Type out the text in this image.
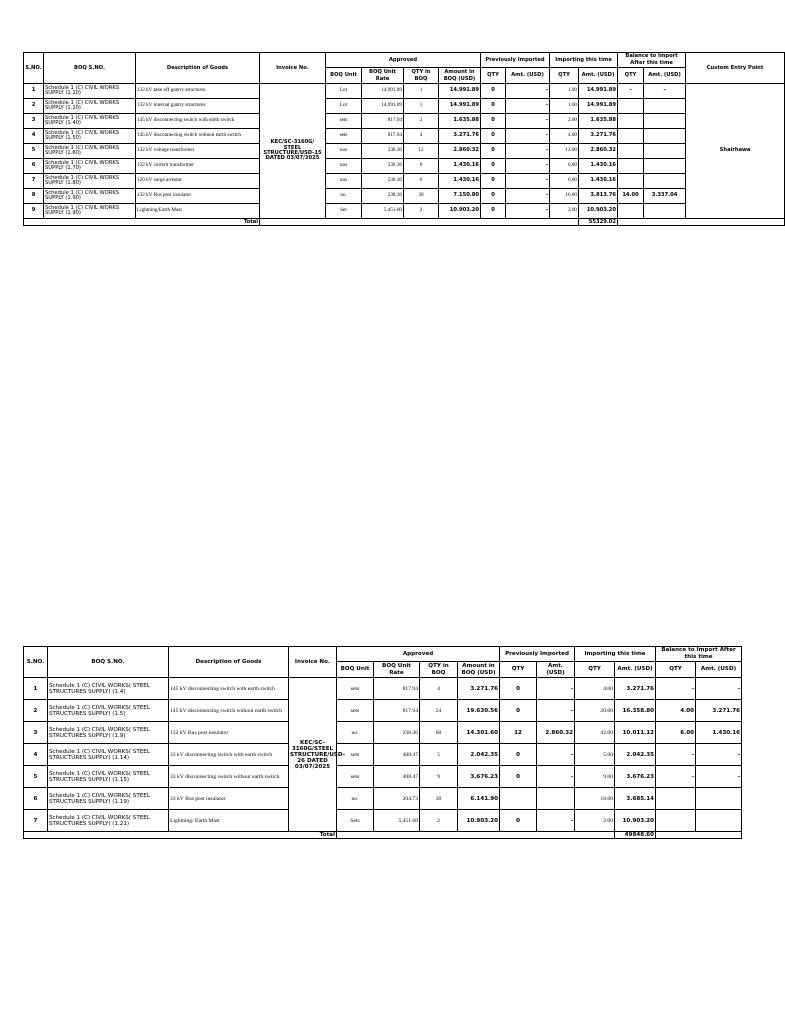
S.NO.	BOQ S.NO.	Description of Goods	Invoice No.	Approved				Previously Imported		Importing this time		Balance to Import After this time		Custom Entry Point
				BOQ Unit	BOQ Unit Rate	QTY in BOQ	Amount in BOQ (USD)	QTY	Amt. (USD)	QTY	Amt. (USD)	QTY	Amt. (USD)	
1	Schedule 1 (C) CIVIL WORKS SUPPLY (1.10)	132 kV take off gantry structures	KEC/SC-3160G/ STEEL STRUCTURE/USD-15 DATED 03/07/2025	Lot	14,991.89	1	14.991.89	0	-	1.00	14.991.89	-	-	Shairhawa
2	Schedule 1 (C) CIVIL WORKS SUPPLY (1.20)	132 kV internal gantry structures		Lot	14,991.89	1	14.991.89	0	-	1.00	14.991.89			
3	Schedule 1 (C) CIVIL WORKS SUPPLY (1.40)	145 kV disconnecting switch with earth switch		sets	817.94	2	1.635.88	0	-	2.00	1.635.88			
4	Schedule 1 (C) CIVIL WORKS SUPPLY (1.50)	145 kV disconnecting switch without earth switch		sets	817.94	4	3.271.76	0	-	4.00	3.271.76			
5	Schedule 1 (C) CIVIL WORKS SUPPLY (1.60)	132 kV voltage transformer		nos	238.36	12	2.860.32	0	-	12.00	2.860.32			
6	Schedule 1 (C) CIVIL WORKS SUPPLY (1.70)	132 kV current transformer		nos	238.36	6	1.430.16	0	-	6.00	1.430.16			
7	Schedule 1 (C) CIVIL WORKS SUPPLY (1.80)	120 kV surge arrestor		nos	238.36	6	1.430.16	0	-	6.00	1.430.16			
8	Schedule 1 (C) CIVIL WORKS SUPPLY (1.90)	132 kV Bus post insulator		no.	238.36	30	7.150.80	0	-	16.00	3.813.76	14.00	3.337.04	
9	Schedule 1 (C) CIVIL WORKS SUPPLY (1.90)	Lightning/Earth Mast		Set	5,451.60	2	10.903.20	0	-	2.00	10.903.20			
Total											55329.02			
S.NO.	BOQ S.NO.	Description of Goods	Invoice No.	Approved				Previously Imported		Importing this time		Balance to Import After this time	
				BOQ Unit	BOQ Unit Rate	QTY in BOQ	Amount in BOQ (USD)	QTY	Amt. (USD)	QTY	Amt. (USD)	QTY	Amt. (USD)
1	Schedule 1 (C) CIVIL WORKS( STEEL STRUCTURES SUPPLY) (1.4)	145 kV disconnecting switch with earth switch	KEC/SC-3160G/STEEL STRUCTURE/USD-26 DATED 03/07/2025	sets	817.94	4	3.271.76	0	-	4.00	3.271.76	-	-
2	Schedule 1 (C) CIVIL WORKS( STEEL STRUCTURES SUPPLY) (1.5)	145 kV disconnecting switch without earth switch		sets	817.94	24	19.630.56	0	-	20.00	16.358.80	4.00	3.271.76
3	Schedule 1 (C) CIVIL WORKS( STEEL STRUCTURES SUPPLY) (1.9)	132 kV Bus post insulator		no.	238.36	60	14.301.60	12	2.860.32	42.00	10.011.12	6.00	1.430.16
4	Schedule 1 (C) CIVIL WORKS( STEEL STRUCTURES SUPPLY) (1.14)	33 kV disconnecting switch with earth switch		sets	408.47	5	2.042.35	0	-	5.00	2.042.35	-	-
5	Schedule 1 (C) CIVIL WORKS( STEEL STRUCTURES SUPPLY) (1.15)	33 kV disconnecting switch without earth switch		sets	408.47	9	3.676.23	0	-	9.00	3.676.23	-	-
6	Schedule 1 (C) CIVIL WORKS( STEEL STRUCTURES SUPPLY) (1.19)	33 kV Bus post insulator		no.	204.73	30	6.141.90			18.00	3.685.14		
7	Schedule 1 (C) CIVIL WORKS( STEEL STRUCTURES SUPPLY) (1.21)	Lightning/ Earth Mast		Sets	5,451.60	2	10.903.20	0	-	2.00	10.903.20		
Total											49848.60		
